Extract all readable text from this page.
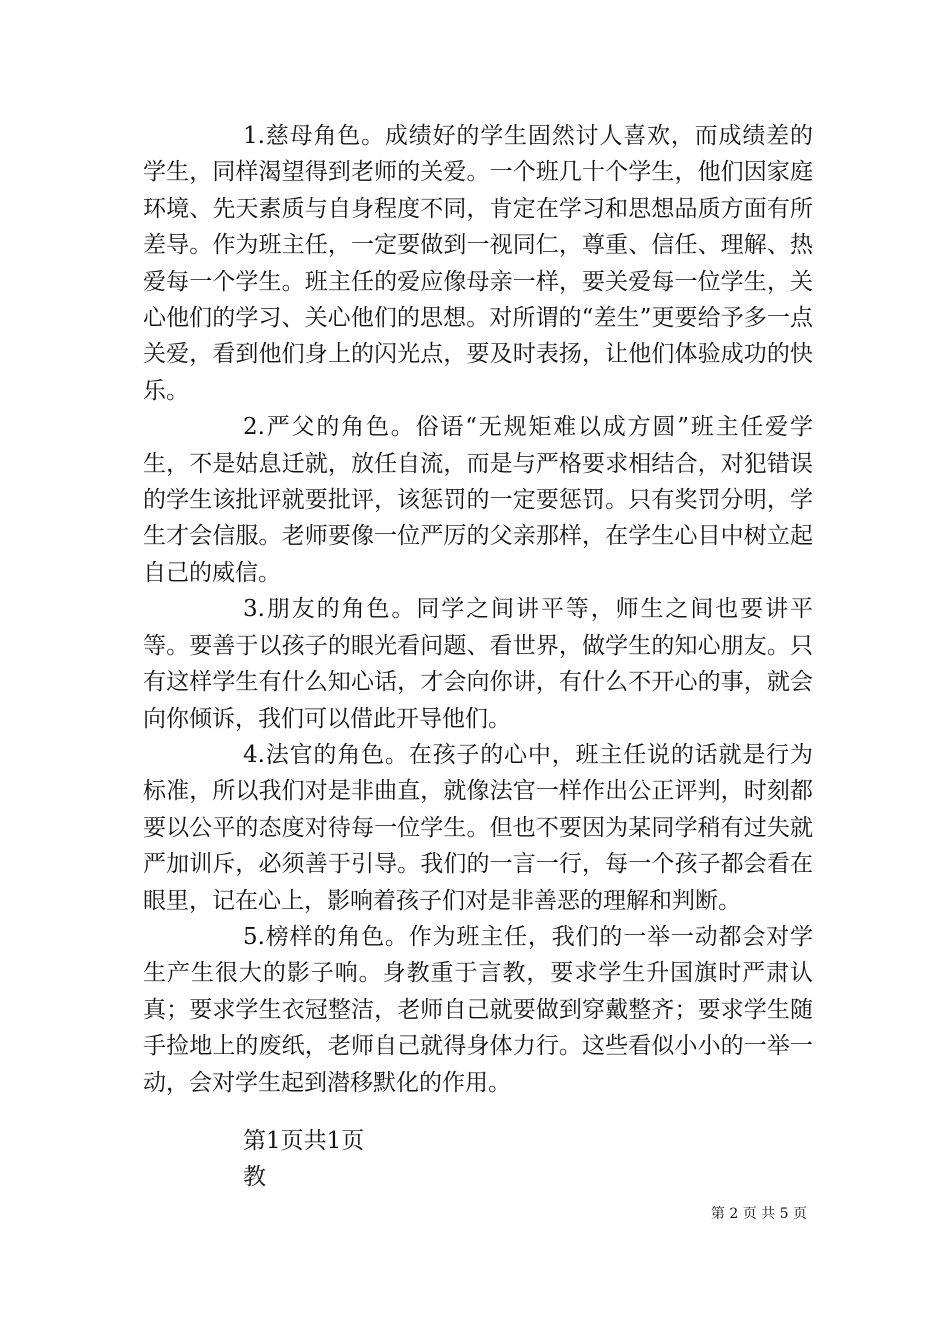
1.慈母角色。成绩好的学生固然讨人喜欢，而成绩差的学生，同样渴望得到老师的关爱。一个班几十个学生，他们因家庭环境、先天素质与自身程度不同，肯定在学习和思想品质方面有所差导。作为班主任，一定要做到一视同仁，尊重、信任、理解、热爱每一个学生。班主任的爱应像母亲一样，要关爱每一位学生，关心他们的学习、关心他们的思想。对所谓的“差生”更要给予多一点关爱，看到他们身上的闪光点，要及时表扬，让他们体验成功的快乐。

2.严父的角色。俗语“无规矩难以成方圆”班主任爱学生，不是姑息迁就，放任自流，而是与严格要求相结合，对犯错误的学生该批评就要批评，该惩罚的一定要惩罚。只有奖罚分明，学生才会信服。老师要像一位严厉的父亲那样，在学生心目中树立起自己的威信。

3.朋友的角色。同学之间讲平等，师生之间也要讲平等。要善于以孩子的眼光看问题、看世界，做学生的知心朋友。只有这样学生有什么知心话，才会向你讲，有什么不开心的事，就会向你倾诉，我们可以借此开导他们。

4.法官的角色。在孩子的心中，班主任说的话就是行为标准，所以我们对是非曲直，就像法官一样作出公正评判，时刻都要以公平的态度对待每一位学生。但也不要因为某同学稍有过失就严加训斥，必须善于引导。我们的一言一行，每一个孩子都会看在眼里，记在心上，影响着孩子们对是非善恶的理解和判断。

5.榜样的角色。作为班主任，我们的一举一动都会对学生产生很大的影子响。身教重于言教，要求学生升国旗时严肃认真；要求学生衣冠整洁，老师自己就要做到穿戴整齐；要求学生随手捡地上的废纸，老师自己就得身体力行。这些看似小小的一举一动，会对学生起到潜移默化的作用。

第1页共1页
教
第 2 页 共 5 页
